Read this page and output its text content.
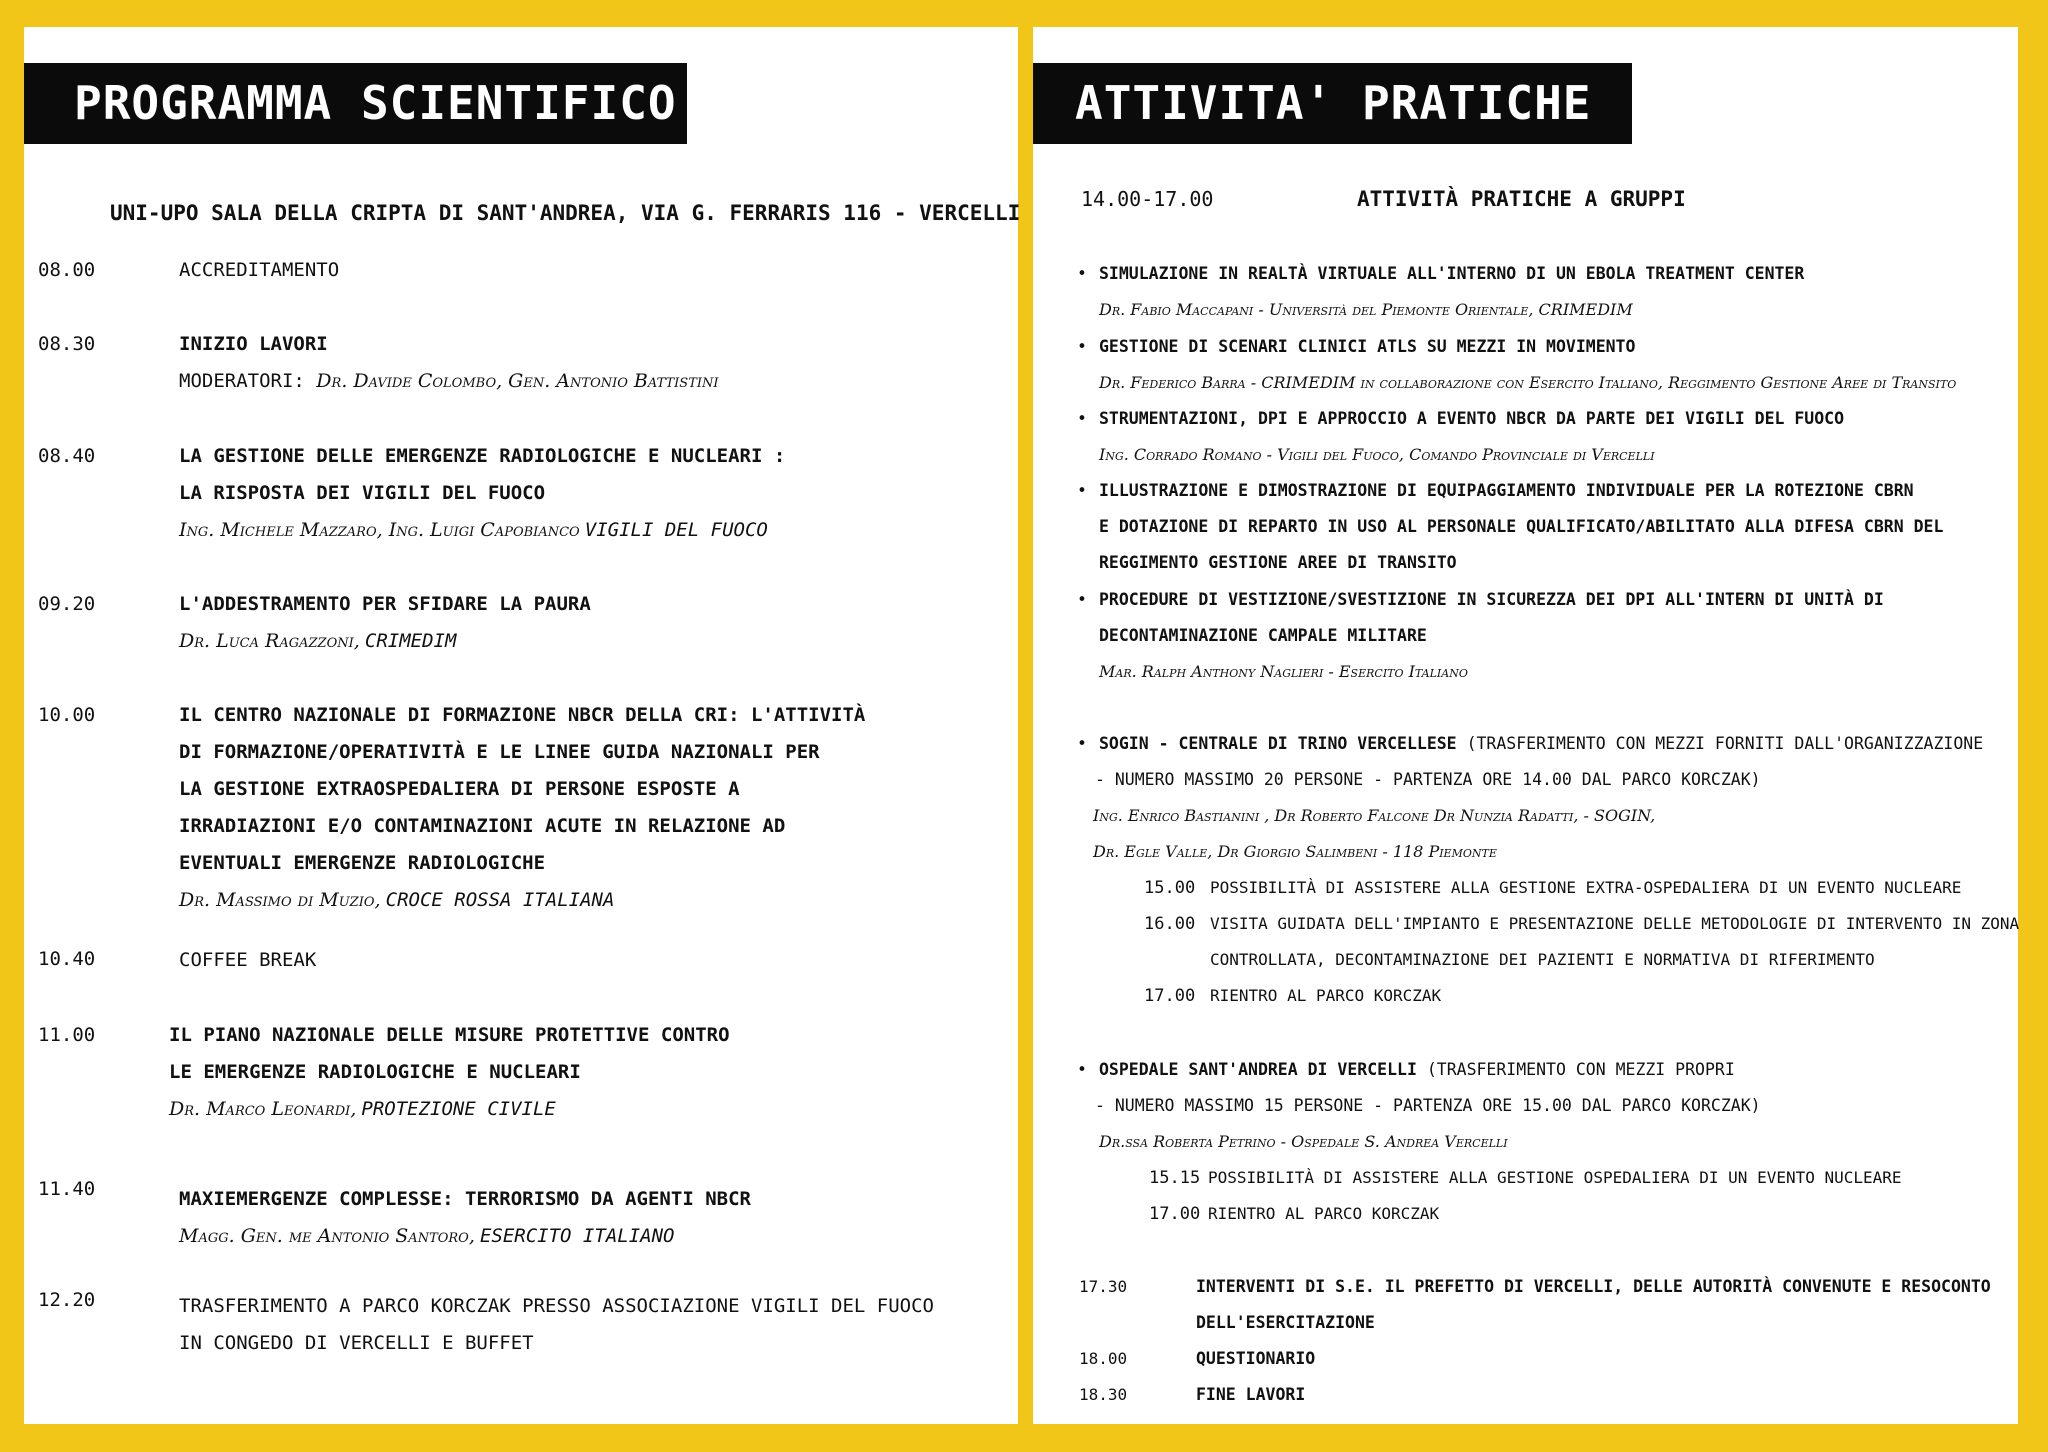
PROGRAMMA SCIENTIFICO
UNI-UPO SALA DELLA CRIPTA DI SANT'ANDREA, VIA G. FERRARIS 116 - VERCELLI
08.00	ACCREDITAMENTO
08.30	INIZIO LAVORI
MODERATORI: Dr. Davide Colombo, Gen. Antonio Battistini
08.40	LA GESTIONE DELLE EMERGENZE RADIOLOGICHE E NUCLEARI :
LA RISPOSTA DEI VIGILI DEL FUOCO
Ing. Michele Mazzaro, Ing. Luigi Capobianco VIGILI DEL FUOCO
09.20	L'ADDESTRAMENTO PER SFIDARE LA PAURA
Dr. Luca Ragazzoni, CRIMEDIM
10.00	IL CENTRO NAZIONALE DI FORMAZIONE NBCR DELLA CRI: L'ATTIVITÀ
DI FORMAZIONE/OPERATIVITÀ E LE LINEE GUIDA NAZIONALI PER
LA GESTIONE EXTRAOSPEDALIERA DI PERSONE ESPOSTE A
IRRADIAZIONI E/O CONTAMINAZIONI ACUTE IN RELAZIONE AD
EVENTUALI EMERGENZE RADIOLOGICHE
Dr. Massimo di Muzio, CROCE ROSSA ITALIANA
10.40	COFFEE BREAK
11.00	IL PIANO NAZIONALE DELLE MISURE PROTETTIVE CONTRO
LE EMERGENZE RADIOLOGICHE E NUCLEARI
Dr. Marco Leonardi, PROTEZIONE CIVILE
11.40	MAXIEMERGENZE COMPLESSE: TERRORISMO DA AGENTI NBCR
Magg. Gen. me Antonio Santoro, ESERCITO ITALIANO
12.20	TRASFERIMENTO A PARCO KORCZAK PRESSO ASSOCIAZIONE VIGILI DEL FUOCO
IN CONGEDO DI VERCELLI E BUFFET
ATTIVITA' PRATICHE
14.00-17.00	ATTIVITÀ PRATICHE A GRUPPI
• SIMULAZIONE IN REALTÀ VIRTUALE ALL'INTERNO DI UN EBOLA TREATMENT CENTER
Dr. Fabio Maccapani - Università del Piemonte Orientale, CRIMEDIM
• GESTIONE DI SCENARI CLINICI ATLS SU MEZZI IN MOVIMENTO
Dr. Federico Barra - CRIMEDIM in collaborazione con Esercito Italiano, Reggimento Gestione Aree di Transito
• STRUMENTAZIONI, DPI E APPROCCIO A EVENTO NBCR DA PARTE DEI VIGILI DEL FUOCO
Ing. Corrado Romano - Vigili del Fuoco, Comando Provinciale di Vercelli
• ILLUSTRAZIONE E DIMOSTRAZIONE DI EQUIPAGGIAMENTO INDIVIDUALE PER LA ROTEZIONE CBRN
E DOTAZIONE DI REPARTO IN USO AL PERSONALE QUALIFICATO/ABILITATO ALLA DIFESA CBRN DEL
REGGIMENTO GESTIONE AREE DI TRANSITO
• PROCEDURE DI VESTIZIONE/SVESTIZIONE IN SICUREZZA DEI DPI ALL'INTERN DI UNITÀ DI
DECONTAMINAZIONE CAMPALE MILITARE
Mar. Ralph Anthony Naglieri - Esercito Italiano
• SOGIN - CENTRALE DI TRINO VERCELLESE (TRASFERIMENTO CON MEZZI FORNITI DALL'ORGANIZZAZIONE
- NUMERO MASSIMO 20 PERSONE - PARTENZA ORE 14.00 DAL PARCO KORCZAK)
Ing. Enrico Bastianini , Dr Roberto Falcone Dr Nunzia Radatti, - SOGIN,
Dr. Egle Valle, Dr Giorgio Salimbeni - 118 Piemonte
15.00 POSSIBILITÀ DI ASSISTERE ALLA GESTIONE EXTRA-OSPEDALIERA DI UN EVENTO NUCLEARE
16.00 VISITA GUIDATA DELL'IMPIANTO E PRESENTAZIONE DELLE METODOLOGIE DI INTERVENTO IN ZONA
CONTROLLATA, DECONTAMINAZIONE DEI PAZIENTI E NORMATIVA DI RIFERIMENTO
17.00 RIENTRO AL PARCO KORCZAK
• OSPEDALE SANT'ANDREA DI VERCELLI (TRASFERIMENTO CON MEZZI PROPRI
- NUMERO MASSIMO 15 PERSONE - PARTENZA ORE 15.00 DAL PARCO KORCZAK)
Dr.ssa Roberta Petrino - Ospedale S. Andrea Vercelli
15.15 POSSIBILITÀ DI ASSISTERE ALLA GESTIONE OSPEDALIERA DI UN EVENTO NUCLEARE
17.00 RIENTRO AL PARCO KORCZAK
17.30	INTERVENTI DI S.E. IL PREFETTO DI VERCELLI, DELLE AUTORITÀ CONVENUTE E RESOCONTO
DELL'ESERCITAZIONE
18.00	QUESTIONARIO
18.30	FINE LAVORI
